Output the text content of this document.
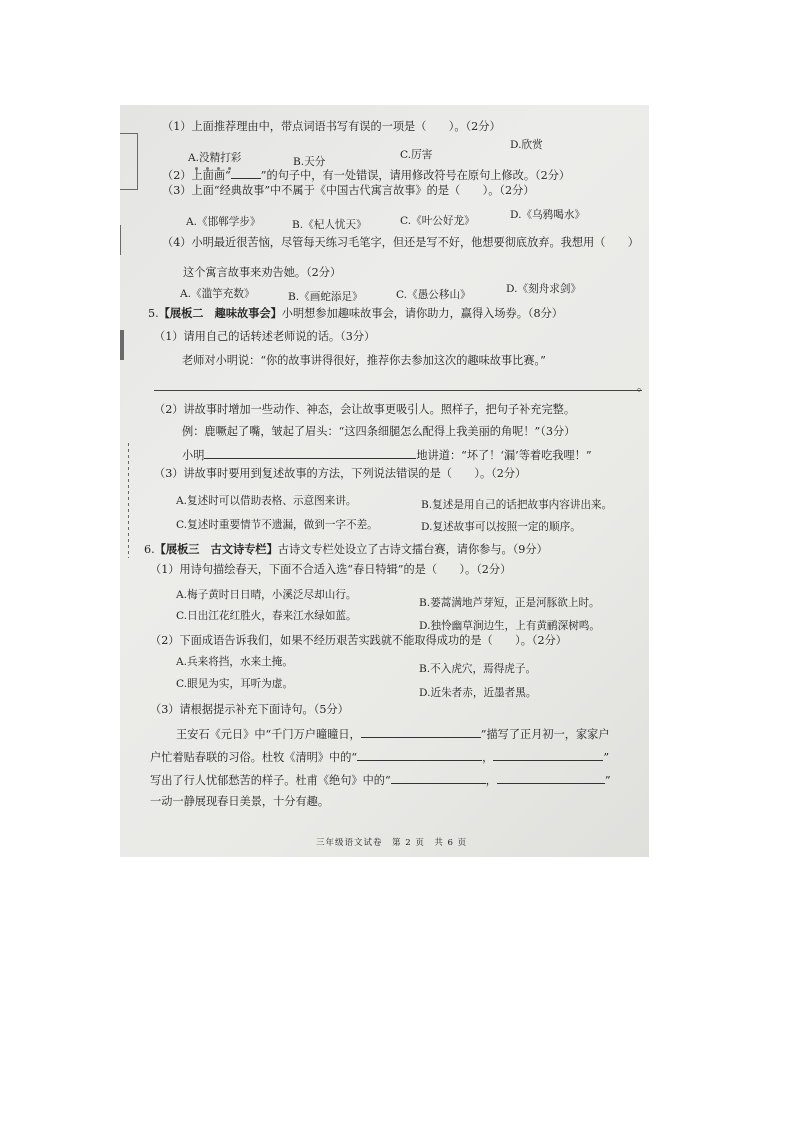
（1）上面推荐理由中，带点词语书写有误的一项是（　　）。（2分）
A.没精打彩	B.天分
C.厉害
D.欣赏
（2）上面画“	”的句子中，有一处错误，请用修改符号在原句上修改。（2分）
（3）上面“经典故事”中不属于《中国古代寓言故事》的是（　　）。（2分）
A.《邯郸学步》	B.《杞人忧天》	C.《叶公好龙》	D.《乌鸦喝水》
（4）小明最近很苦恼，尽管每天练习毛笔字，但还是写不好，他想要彻底放弃。我想用（　　）
这个寓言故事来劝告她。（2分）
A.《滥竽充数》	B.《画蛇添足》	C.《愚公移山》	D.《刻舟求剑》
5.【展板二　趣味故事会】小明想参加趣味故事会，请你助力，赢得入场券。（8分）
（1）请用自己的话转述老师说的话。（3分）
老师对小明说：“你的故事讲得很好，推荐你去参加这次的趣味故事比赛。”
。
（2）讲故事时增加一些动作、神态，会让故事更吸引人。照样子，把句子补充完整。
例：鹿噘起了嘴，皱起了眉头：“这四条细腿怎么配得上我美丽的角呢！”（3分）
小明	地讲道：“坏了！‘漏’等着吃我哩！”
（3）讲故事时要用到复述故事的方法，下列说法错误的是（　　）。（2分）
A.复述时可以借助表格、示意图来讲。	B.复述是用自己的话把故事内容讲出来。
C.复述时重要情节不遗漏，做到一字不差。	D.复述故事可以按照一定的顺序。
6.【展板三　古文诗专栏】古诗文专栏处设立了古诗文擂台赛，请你参与。（9分）
（1）用诗句描绘春天，下面不合适入选“春日特辑”的是（　　）。（2分）
A.梅子黄时日日晴，小溪泛尽却山行。
B.蒌蒿满地芦芽短，正是河豚欲上时。
C.日出江花红胜火，春来江水绿如蓝。
D.独怜幽草涧边生，上有黄鹂深树鸣。
（2）下面成语告诉我们，如果不经历艰苦实践就不能取得成功的是（　　）。（2分）
A.兵来将挡，水来土掩。
B.不入虎穴，焉得虎子。
C.眼见为实，耳听为虚。
D.近朱者赤，近墨者黑。
（3）请根据提示补充下面诗句。（5分）
王安石《元日》中“千门万户曈曈日，	”描写了正月初一，家家户
户忙着贴春联的习俗。杜牧《清明》中的“	，	”
写出了行人忧郁愁苦的样子。杜甫《绝句》中的“	，	”
一动一静展现春日美景，十分有趣。
三年级语文试卷　第 2 页　共 6 页
